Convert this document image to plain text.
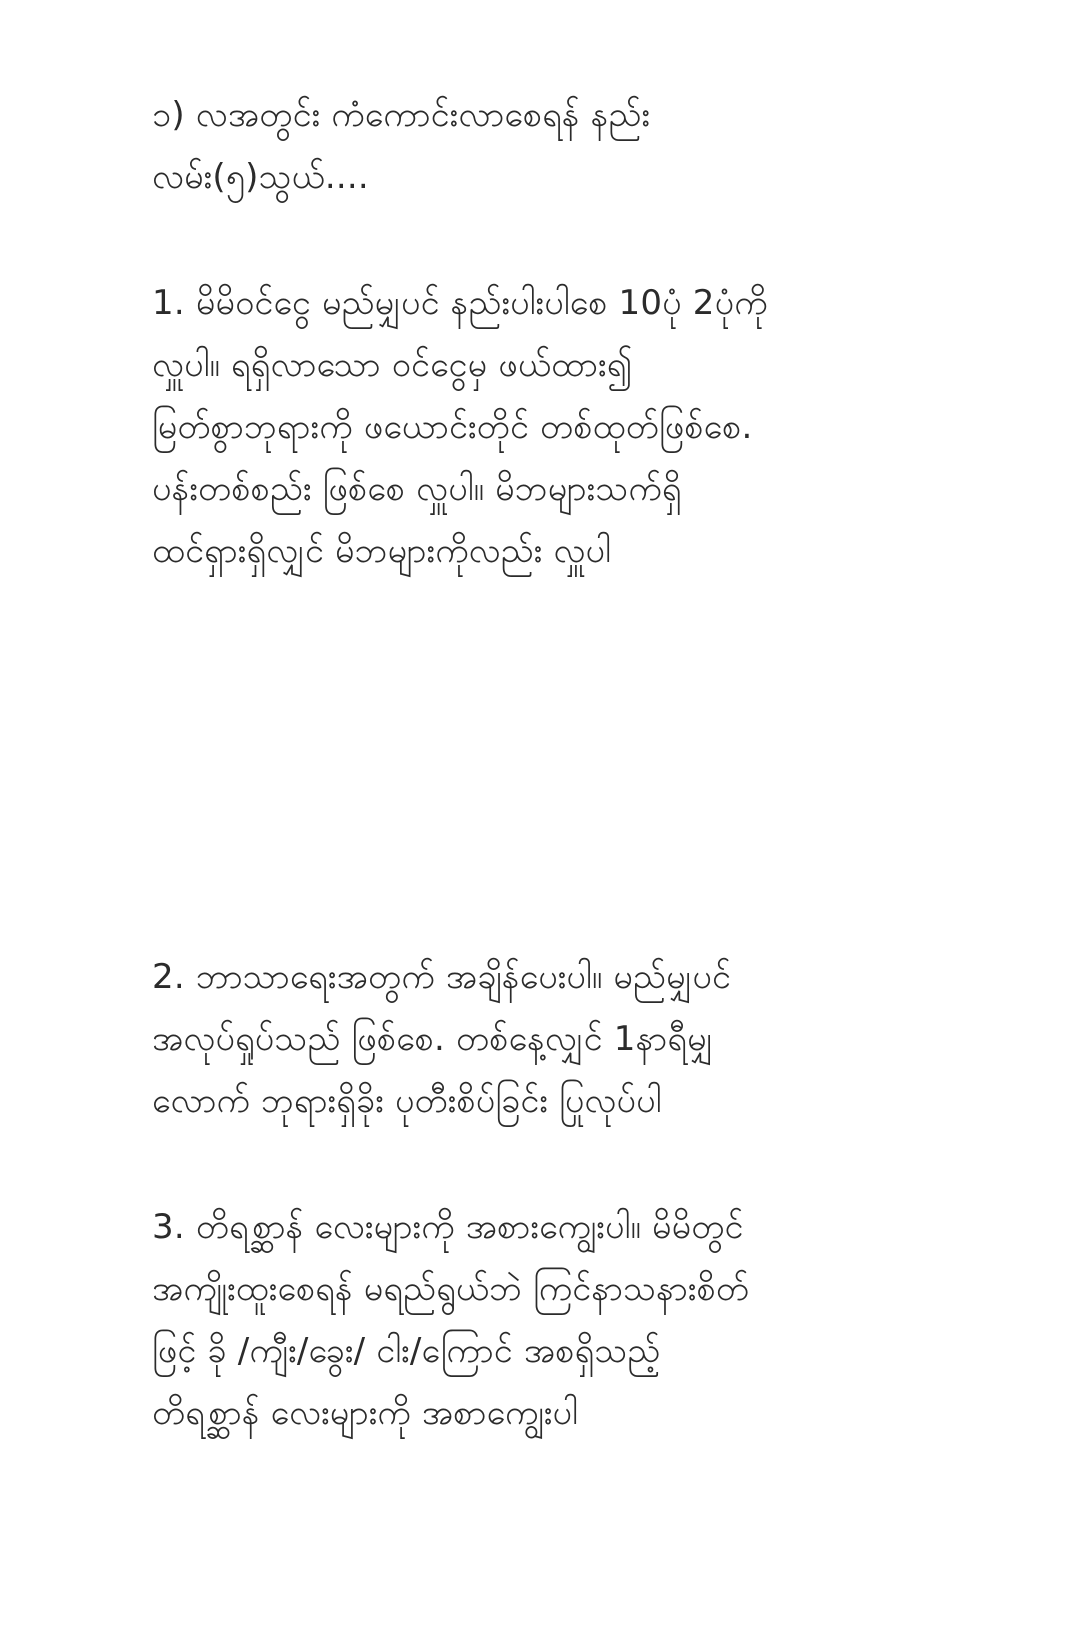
၁) လအတွင်း ကံကောင်းလာစေရန် နည်း
လမ်း(၅)သွယ်....
1. မိမိဝင်ငွေ မည်မျှပင် နည်းပါးပါစေ 10ပုံ 2ပုံကို
လှူပါ။ ရရှိလာသော ဝင်ငွေမှ ဖယ်ထား၍
မြတ်စွာဘုရားကို ဖယောင်းတိုင် တစ်ထုတ်ဖြစ်စေ.
ပန်းတစ်စည်း ဖြစ်စေ လှူပါ။ မိဘများသက်ရှိ
ထင်ရှားရှိလျှင် မိဘများကိုလည်း လှူပါ
2. ဘာသာရေးအတွက် အချိန်ပေးပါ။ မည်မျှပင်
အလုပ်ရှုပ်သည် ဖြစ်စေ. တစ်နေ့လျှင် 1နာရီမျှ
လောက် ဘုရားရှိခိုး ပုတီးစိပ်ခြင်း ပြုလုပ်ပါ
3. တိရစ္ဆာန် လေးများကို အစားကျွေးပါ။ မိမိတွင်
အကျိုးထူးစေရန် မရည်ရွယ်ဘဲ ကြင်နာသနားစိတ်
ဖြင့် ခို /ကျီး/ခွေး/ ငါး/ကြောင် အစရှိသည့်
တိရစ္ဆာန် လေးများကို အစာကျွေးပါ
